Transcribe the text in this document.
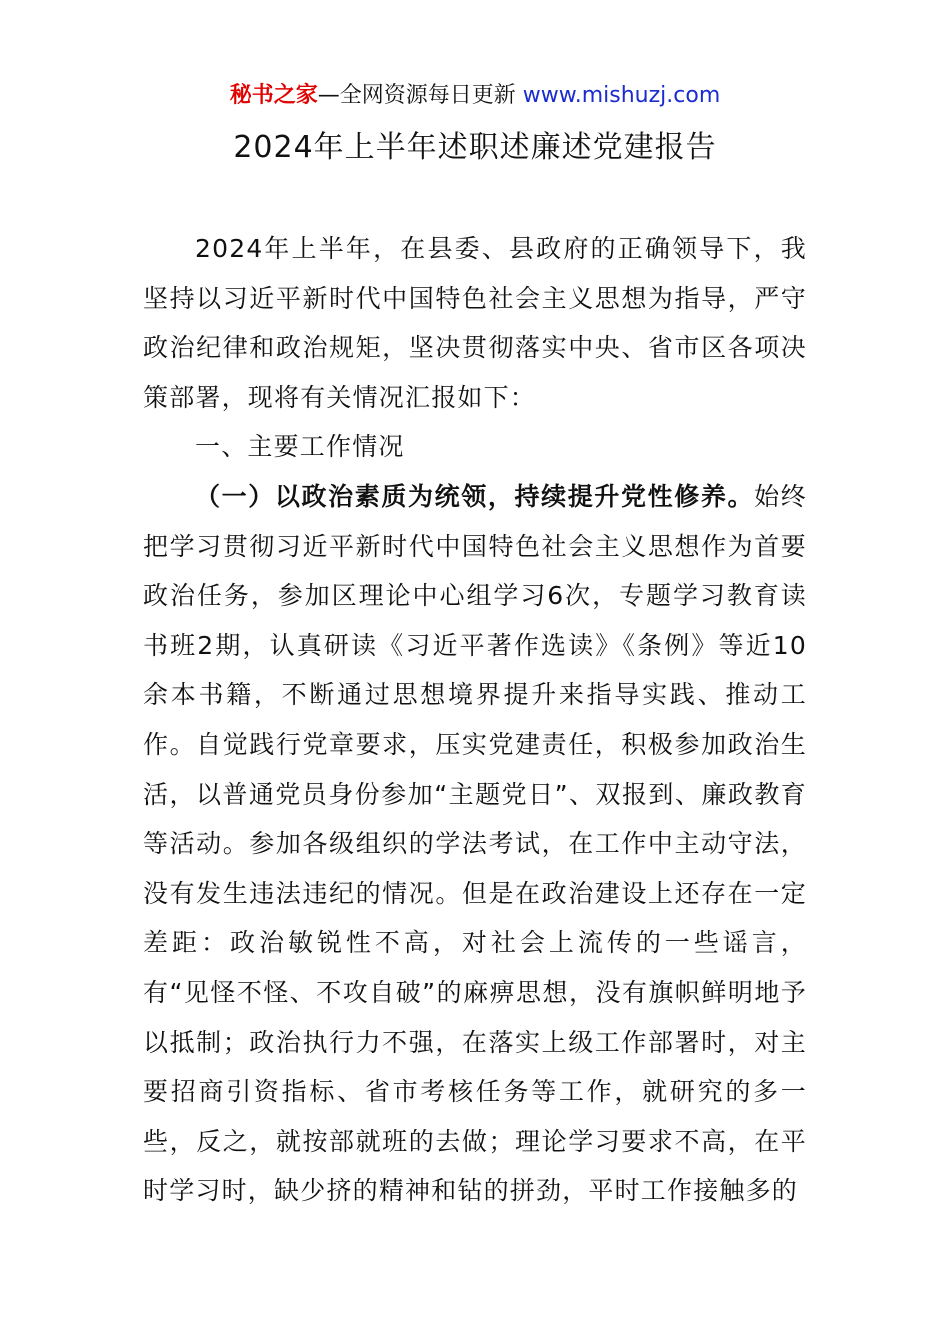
秘书之家—全网资源每日更新 www.mishuzj.com
2024年上半年述职述廉述党建报告

2024年上半年，在县委、县政府的正确领导下，我坚持以习近平新时代中国特色社会主义思想为指导，严守政治纪律和政治规矩，坚决贯彻落实中央、省市区各项决策部署，现将有关情况汇报如下：

一、主要工作情况

（一）以政治素质为统领，持续提升党性修养。始终把学习贯彻习近平新时代中国特色社会主义思想作为首要政治任务，参加区理论中心组学习6次，专题学习教育读书班2期，认真研读《习近平著作选读》《条例》等近10余本书籍，不断通过思想境界提升来指导实践、推动工作。自觉践行党章要求，压实党建责任，积极参加政治生活，以普通党员身份参加“主题党日”、双报到、廉政教育等活动。参加各级组织的学法考试，在工作中主动守法，没有发生违法违纪的情况。但是在政治建设上还存在一定差距：政治敏锐性不高，对社会上流传的一些谣言，有“见怪不怪、不攻自破”的麻痹思想，没有旗帜鲜明地予以抵制；政治执行力不强，在落实上级工作部署时，对主要招商引资指标、省市考核任务等工作，就研究的多一些，反之，就按部就班的去做；理论学习要求不高，在平时学习时，缺少挤的精神和钻的拼劲，平时工作接触多的
